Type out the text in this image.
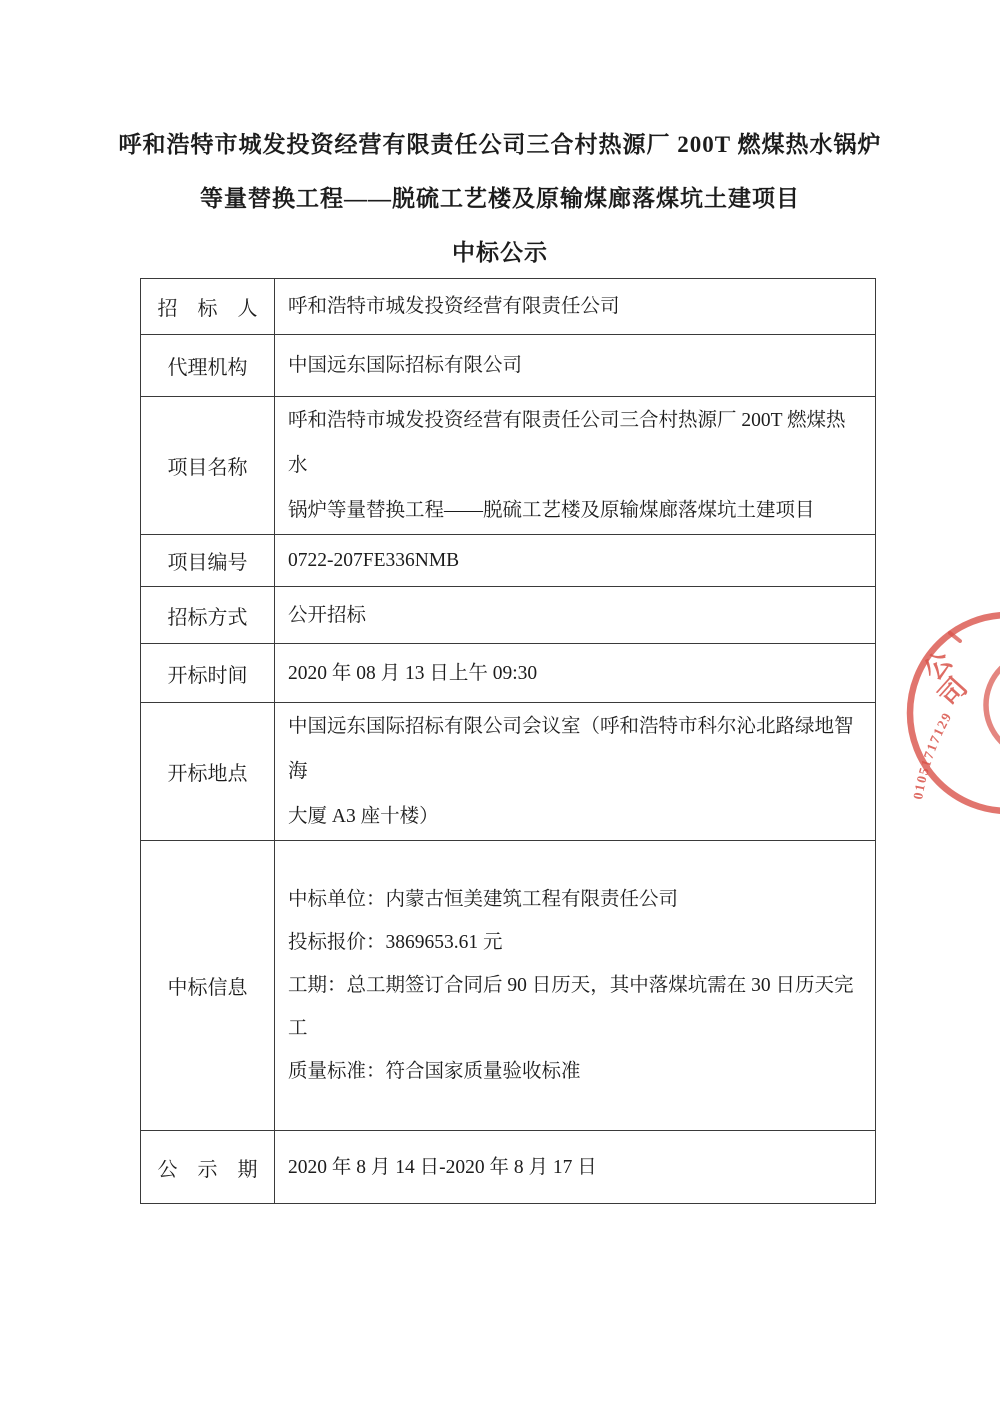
呼和浩特市城发投资经营有限责任公司三合村热源厂 200T 燃煤热水锅炉
等量替换工程——脱硫工艺楼及原输煤廊落煤坑土建项目
中标公示
招　标　人	呼和浩特市城发投资经营有限责任公司

代理机构	中国远东国际招标有限公司

项目名称	呼和浩特市城发投资经营有限责任公司三合村热源厂 200T 燃煤热水
锅炉等量替换工程——脱硫工艺楼及原输煤廊落煤坑土建项目

项目编号	0722-207FE336NMB

招标方式	公开招标

开标时间	2020 年 08 月 13 日上午 09:30

开标地点	中国远东国际招标有限公司会议室（呼和浩特市科尔沁北路绿地智海
大厦 A3 座十楼）

中标信息	中标单位：内蒙古恒美建筑工程有限责任公司
投标报价：3869653.61 元
工期：总工期签订合同后 90 日历天，其中落煤坑需在 30 日历天完工
质量标准：符合国家质量验收标准

公　示　期	2020 年 8 月 14 日-2020 年 8 月 17 日
公
司
01051717129
